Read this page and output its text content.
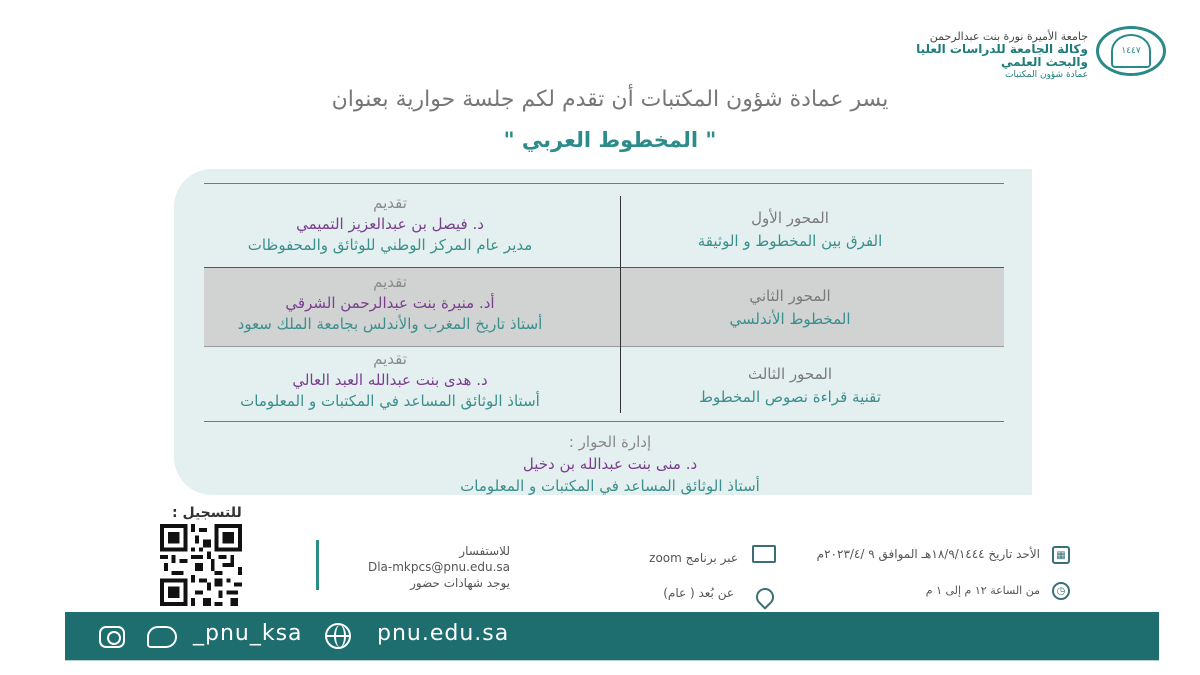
١٤٤٧
جامعة الأميرة نورة بنت عبدالرحمن
وكالة الجامعة للدراسات العليا
والبحث العلمي
عمادة شؤون المكتبات
يسر عمادة شؤون المكتبات أن تقدم لكم جلسة حوارية بعنوان
" المخطوط العربي "
المحور الأول
الفرق بين المخطوط و الوثيقة
تقديم
د. فيصل بن عبدالعزيز التميمي
مدير عام المركز الوطني للوثائق والمحفوظات
المحور الثاني
المخطوط الأندلسي
تقديم
أد. منيرة بنت عبدالرحمن الشرقي
أستاذ تاريخ المغرب والأندلس بجامعة الملك سعود
المحور الثالث
تقنية قراءة نصوص المخطوط
تقديم
د. هدى بنت عبدالله العبد العالي
أستاذ الوثائق المساعد في المكتبات و المعلومات
إدارة الحوار :
د. منى بنت عبدالله بن دخيل
أستاذ الوثائق المساعد في المكتبات و المعلومات
▦
الأحد تاريخ ١٨/٩/١٤٤٤هـ الموافق ٩ /٢٠٢٣/٤م
◷
من الساعة ١٢ م إلى ١ م
عبر برنامج zoom
عن بُعد ( عام)
للاستفسار
Dla-mkpcs@pnu.edu.sa
يوجد شهادات حضور
للتسجيل :
_pnu_ksa	pnu.edu.sa
